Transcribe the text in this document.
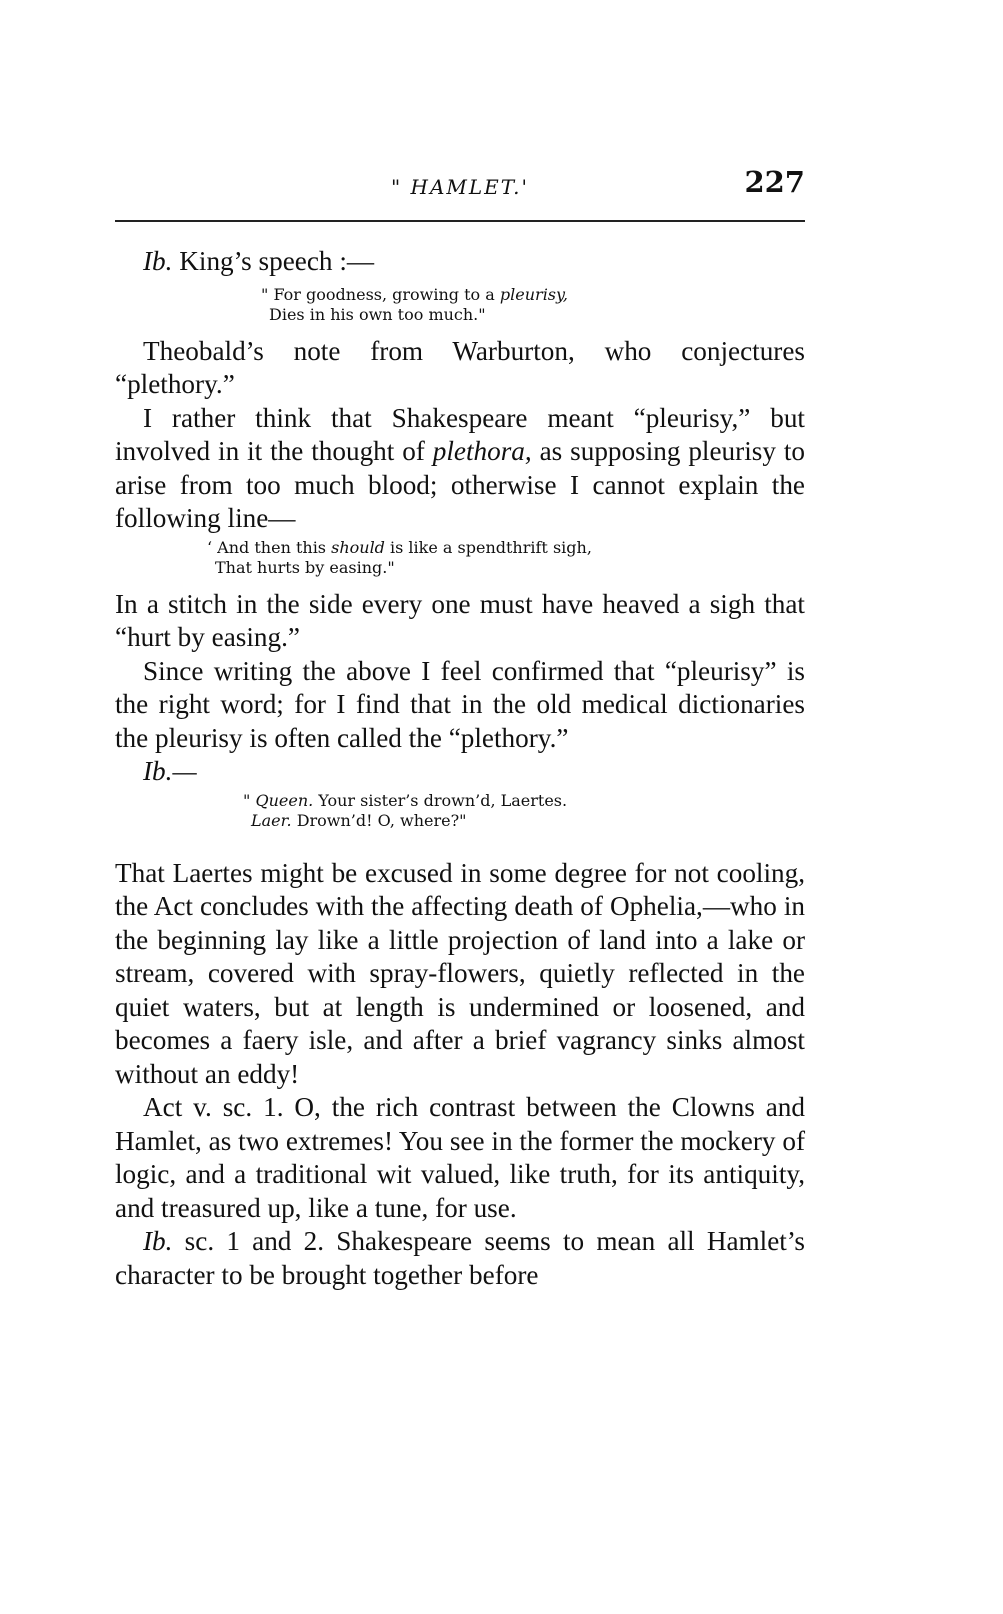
" HAMLET.'	227

Ib. King’s speech :—

" For goodness, growing to a pleurisy,
Dies in his own too much."

Theobald’s note from Warburton, who conjectures “plethory.”

I rather think that Shakespeare meant “pleurisy,” but involved in it the thought of plethora, as supposing pleurisy to arise from too much blood; otherwise I cannot explain the following line—

‘ And then this should is like a spendthrift sigh,
That hurts by easing."

In a stitch in the side every one must have heaved a sigh that “hurt by easing.”

Since writing the above I feel confirmed that “pleurisy” is the right word; for I find that in the old medical dictionaries the pleurisy is often called the “plethory.”

Ib.—

" Queen. Your sister’s drown’d, Laertes.
Laer. Drown’d! O, where?"

That Laertes might be excused in some degree for not cooling, the Act concludes with the affecting death of Ophelia,—who in the beginning lay like a little projection of land into a lake or stream, covered with spray-flowers, quietly reflected in the quiet waters, but at length is undermined or loosened, and becomes a faery isle, and after a brief vagrancy sinks almost without an eddy!

Act v. sc. 1. O, the rich contrast between the Clowns and Hamlet, as two extremes! You see in the former the mockery of logic, and a traditional wit valued, like truth, for its antiquity, and treasured up, like a tune, for use.

Ib. sc. 1 and 2. Shakespeare seems to mean all Hamlet’s character to be brought together before
